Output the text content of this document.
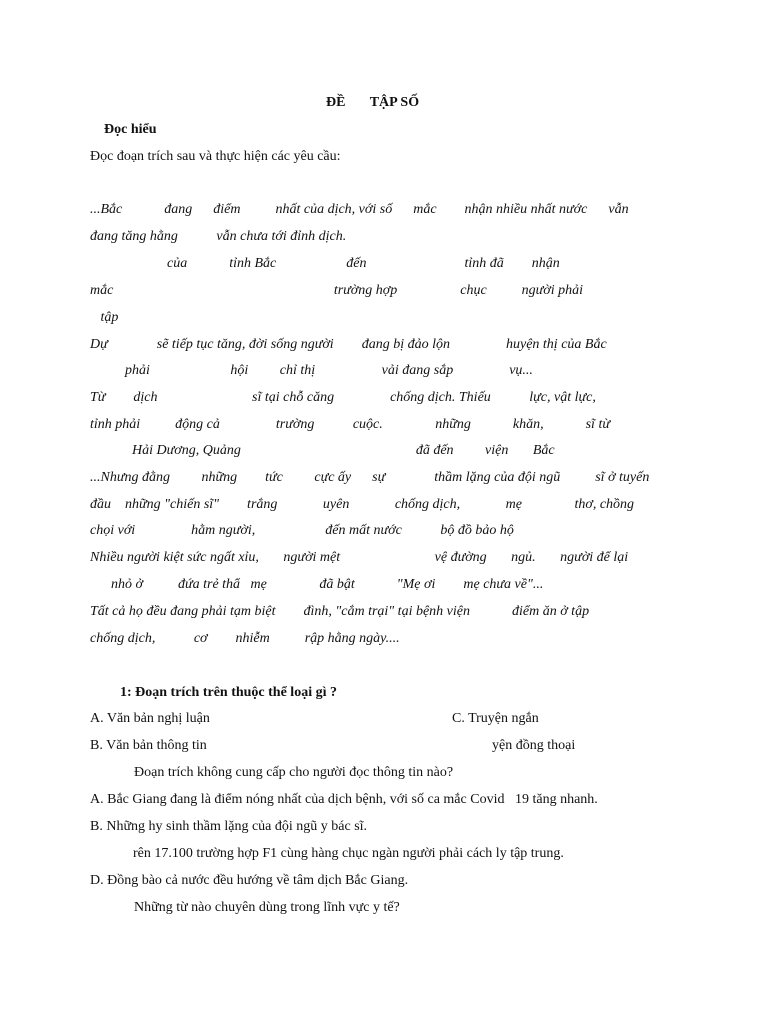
ĐỀ       TẬP SỐ
Đọc hiểu
Đọc đoạn trích sau và thực hiện các yêu cầu:
...Bắc            đang      điểm          nhất của dịch, với số      mắc        nhận nhiều nhất nước      vẫn
đang tăng hằng           vẫn chưa tới đỉnh dịch.
của            tỉnh Bắc                    đến                            tỉnh đã        nhận
mắc                                                               trường hợp                  chục          người phải
tập
Dự              sẽ tiếp tục tăng, đời sống người        đang bị đảo lộn                huyện thị của Bắc
phải                       hội         chỉ thị                   vải đang sắp                vụ...
Từ        dịch                           sĩ tại chỗ căng                chống dịch. Thiếu           lực, vật lực,
tỉnh phải          động cả                trường           cuộc.               những            khăn,            sĩ từ
Hải Dương, Quảng                                                  đã đến         viện       Bắc
...Nhưng đằng         những        tức         cực ấy      sự              thầm lặng của đội ngũ          sĩ ở tuyến
đầu    những "chiến sĩ"        trắng             uyên             chống dịch,             mẹ               thơ, chồng
chọi với                hằm người,                    đến mất nước           bộ đồ bảo hộ
Nhiều người kiệt sức ngất xỉu,       người mệt                           vệ đường       ngủ.       người để lại
nhỏ ở          đứa trẻ thẩ   mẹ               đã bật            "Mẹ ơi        mẹ chưa về"...
Tất cả họ đều đang phải tạm biệt        đình, "cắm trại" tại bệnh viện            điểm ăn ở tập
chống dịch,           cơ        nhiễm          rập hằng ngày....
1: Đoạn trích trên thuộc thể loại gì ?
A. Văn bản nghị luận	C. Truyện ngắn
B. Văn bản thông tin	yện đồng thoại
Đoạn trích không cung cấp cho người đọc thông tin nào?
A. Bắc Giang đang là điểm nóng nhất của dịch bệnh, với số ca mắc Covid   19 tăng nhanh.
B. Những hy sinh thầm lặng của đội ngũ y bác sĩ.
rên 17.100 trường hợp F1 cùng hàng chục ngàn người phải cách ly tập trung.
D. Đồng bào cả nước đều hướng về tâm dịch Bắc Giang.
Những từ nào chuyên dùng trong lĩnh vực y tế?
